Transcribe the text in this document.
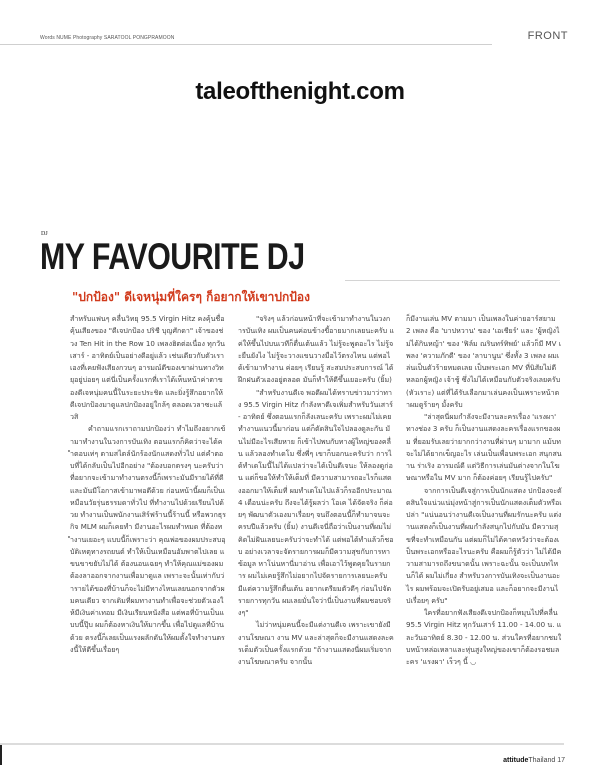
Words NUME Photography SARATOOL PONGPRAMOON	FRONT
taleofthenight.com
DJ
MY FAVOURITE DJ
"ปกป้อง" ดีเจหนุ่มที่ใครๆ ก็อยากให้เขาปกป้อง

สำหรับแฟนๆ คลื่นวิทยุ 95.5 Virgin Hitz คงคุ้นชื่อคุ้นเสียงของ "ดีเจปกป้อง ปริชี บุญศักดา" เจ้าของช่วง Ten Hit in the Row 10 เพลงฮิตต่อเนื่อง ทุกวันเสาร์ - อาทิตย์เป็นอย่างดีอยู่แล้ว เช่นเดียวกับตัวเราเองที่เคยฟังเสียงกวนๆ อารมณ์ดีของเขาผ่านทางวิทยุอยู่บ่อยๆ แต่นี่เป็นครั้งแรกที่เราได้เห็นหน้าค่าตาของดีเจหนุ่มคนนี้ในระยะประชิด และยิ่งรู้สึกอยากให้ดีเจปกป้องมาดูแลปกป้องอยู่ใกล้ๆ ตลอดเวลาซะแล้วสิ

คำถามแรกเราถามปกป้องว่า ทำไมถึงอยากเข้ามาทำงานในวงการบันเทิง ตอนแรกก็คิดว่าจะได้คำตอบเท่ๆ ตามสไตล์นักร้องนักแสดงทั่วไป แต่คำตอบที่ได้กลับเป็นไปอีกอย่าง "ต้องบอกตรงๆ นะครับว่า ที่อยากจะเข้ามาทำงานตรงนี้ก็เพราะมันมีรายได้ที่ดี และมันมีโอกาสเข้ามาพอดีด้วย ก่อนหน้านี้ผมก็เป็นเหมือนวัยรุ่นธรรมดาทั่วไป ที่ทำงานไปด้วยเรียนไปด้วย ทำงานเป็นพนักงานเสิร์ฟร้านนี้ร้านนี้ หรือพวกธุรกิจ MLM ผมก็เคยทำ มีงานอะไรผมทำหมด ที่ต้องทำงานเยอะๆ แบบนี้ก็เพราะว่า คุณพ่อของผมประสบอุบัติเหตุทางรถยนต์ ทำให้เป็นเหมือนอัมพาตไปเลย แขนขาขยับไม่ได้ ต้องนอนเฉยๆ ทำให้คุณแม่ของผมต้องลาออกจากงานเพื่อมาดูแล เพราะจะนั้นเท่ากับว่ารายได้ของที่บ้านก็จะไม่มีทางไหนเลยนอกจากตัวผมคนเดียว จากเดิมที่ผมทางานทำเพื่อจะช่วยตัวเองให้มีเงินค่าเทอม มีเงินเรียนหนังสือ แต่พอที่บ้านเป็นแบบนี้ปุ๊บ ผมก็ต้องหาเงินให้มากขึ้น เพื่อไปดูแลที่บ้านด้วย ตรงนี้ก็เลยเป็นแรงผลักดันให้ผมตั้งใจทำงานตรงนี้ให้ดีขึ้นเรื่อยๆ

"จริงๆ แล้วก่อนหน้าที่จะเข้ามาทำงานในวงการบันเทิง ผมเป็นคนค่อนข้างขี้อายมากเลยนะครับ แค่ให้ขึ้นไปบนเวทีก็ตื่นเต้นแล้ว ไม่รู้จะพูดอะไร ไม่รู้จะยืนยังไง ไม่รู้จะวางแขนวางมือไว้ตรงไหน แต่พอได้เข้ามาทำงาน ค่อยๆ เรียนรู้ สะสมประสบการณ์ ได้ฝึกฝนตัวเองอยู่ตลอด มันก็ทำให้ดีขึ้นเยอะครับ (ยิ้ม)

"สำหรับงานดีเจ พอดีผมได้ทราบข่าวมาว่าทาง 95.5 Virgin Hitz กำลังหาดีเจเพิ่มสำหรับวันเสาร์ - อาทิตย์ ซึ่งตอนแรกก็ลังเลนะครับ เพราะผมไม่เคยทำงานแนวนี้มาก่อน แต่ก็ตัดสินใจไปลองดูละกัน มันไม่มีอะไรเสียหาย ก็เข้าไปพบกับทางผู้ใหญ่ของคลื่น แล้วลองทำเดโม ซึ่งพี่ๆ เขาก็บอกนะครับว่า การได้ทำเดโมนี้ไม่ได้แปลว่าจะได้เป็นดีเจนะ ให้ลองดูก่อน แต่ก็ขอให้ทำให้เต็มที่ มีความสามารถอะไรก็แสดงออกมาให้เต็มที่ ผมทำเดโมไปแล้วก็รออีกประมาณ 4 เดือนน่ะครับ ถึงจะได้รู้ผลว่า โอเค ได้จัดจริง ก็ค่อยๆ พัฒนาตัวเองมาเรื่อยๆ จนถึงตอนนี้ก็ทำมาจนจะครบปีแล้วครับ (ยิ้ม) งานดีเจนี่ถือว่าเป็นงานที่ผมไม่คิดไม่ฝันเลยนะครับว่าจะทำได้ แต่พอได้ทำแล้วก็ชอบ อย่างเวลาจะจัดรายการผมก็มีความสุขกับการหาข้อมูล หาโน่นหานี่มาอ่าน เพื่อเอาไว้พูดคุยในรายการ ผมไม่เคยรู้สึกไม่อยากไปจัดรายการเลยนะครับ มีแต่ความรู้สึกตื่นเต้น อยากเตรียมตัวดีๆ ก่อนไปจัดรายการทุกวัน ผมเลยมั่นใจว่านี่เป็นงานที่ผมชอบจริงๆ"

ไม่ว่าหนุ่มคนนี้จะมีแต่งานดีเจ เพราะเขายังมีงานโฆษณา งาน MV และล่าสุดก็จะมีงานแสดงละครเต็มตัวเป็นครั้งแรกด้วย "ถ้างานแสดงนี่ผมเริ่มจากงานโฆษณาครับ จากนั้น

ก็มีงานเล่น MV ตามมา เป็นเพลงในค่ายอาร์สยาม 2 เพลง คือ 'บาปหวาน' ของ 'เอเชียร์' และ 'ผู้หญิงไม่ได้กินหญ้า' ของ 'ฟิล์ม ณรินทร์ทิพย์' แล้วก็มี MV เพลง 'ความภักดี' ของ 'ลาบานูน' ซึ่งทั้ง 3 เพลง ผมเล่นเป็นตัวร้ายหมดเลย เป็นพระเอก MV ที่นิสัยไม่ดี หลอกผู้หญิง เจ้าชู้ ซึ่งไม่ได้เหมือนกับตัวจริงเลยครับ (หัวเราะ) แต่ที่ได้รับเลือกมาเล่นคงเป็นเพราะหน้าตาผมดูร้ายๆ มั้งครับ

"ล่าสุดนี่ผมกำลังจะมีงานละครเรื่อง 'แรงผา' ทางช่อง 3 ครับ ก็เป็นงานแสดงละครเรื่องแรกของผม ที่ยอมรับเลยว่ายากกว่างานที่ผ่านๆ มามาก แม้บทจะไม่ได้ยากเข็ญอะไร เล่นเป็นเพื่อนพระเอก สนุกสนาน ร่าเริง อารมณ์ดี แต่วิธีการเล่นมันต่างจากในโฆษณาหรือใน MV มาก ก็ต้องค่อยๆ เรียนรู้ไปครับ"

จากการเป็นดีเจสู่การเป็นนักแสดง ปกป้องจะตัดสินใจแน่วแน่มุ่งหน้าสู่การเป็นนักแสดงเต็มตัวหรือเปล่า "แน่นอนว่างานดีเจเป็นงานที่ผมรักนะครับ แต่งานแสดงก็เป็นงานที่ผมกำลังสนุกไปกับมัน มีความสุขที่จะทำเหมือนกัน แต่ผมก็ไม่ได้คาดหวังว่าจะต้องเป็นพระเอกหรืออะไรนะครับ คือผมก็รู้ตัวว่า ไม่ได้มีความสามารถถึงขนาดนั้น เพราะฉะนั้น จะเป็นบทไหนก็ได้ ผมไม่เกี่ยง สำหรับวงการบันเทิงจะเป็นงานอะไร ผมพร้อมจะเปิดรับอยู่เสมอ และก็อยากจะมีงานไปเรื่อยๆ ครับ"

ใครที่อยากฟังเสียงดีเจปกป้องก็หมุนไปที่คลื่น 95.5 Virgin Hitz ทุกวันเสาร์ 11.00 - 14.00 น. และวันอาทิตย์ 8.30 - 12.00 น. ส่วนใครที่อยากชมใบหน้าหล่อเหลาและหุ่นสูงใหญ่ของเขาก็ต้องรอชมละคร 'แรงผา' เร็วๆ นี้ ◡

attitudeThailand 17
